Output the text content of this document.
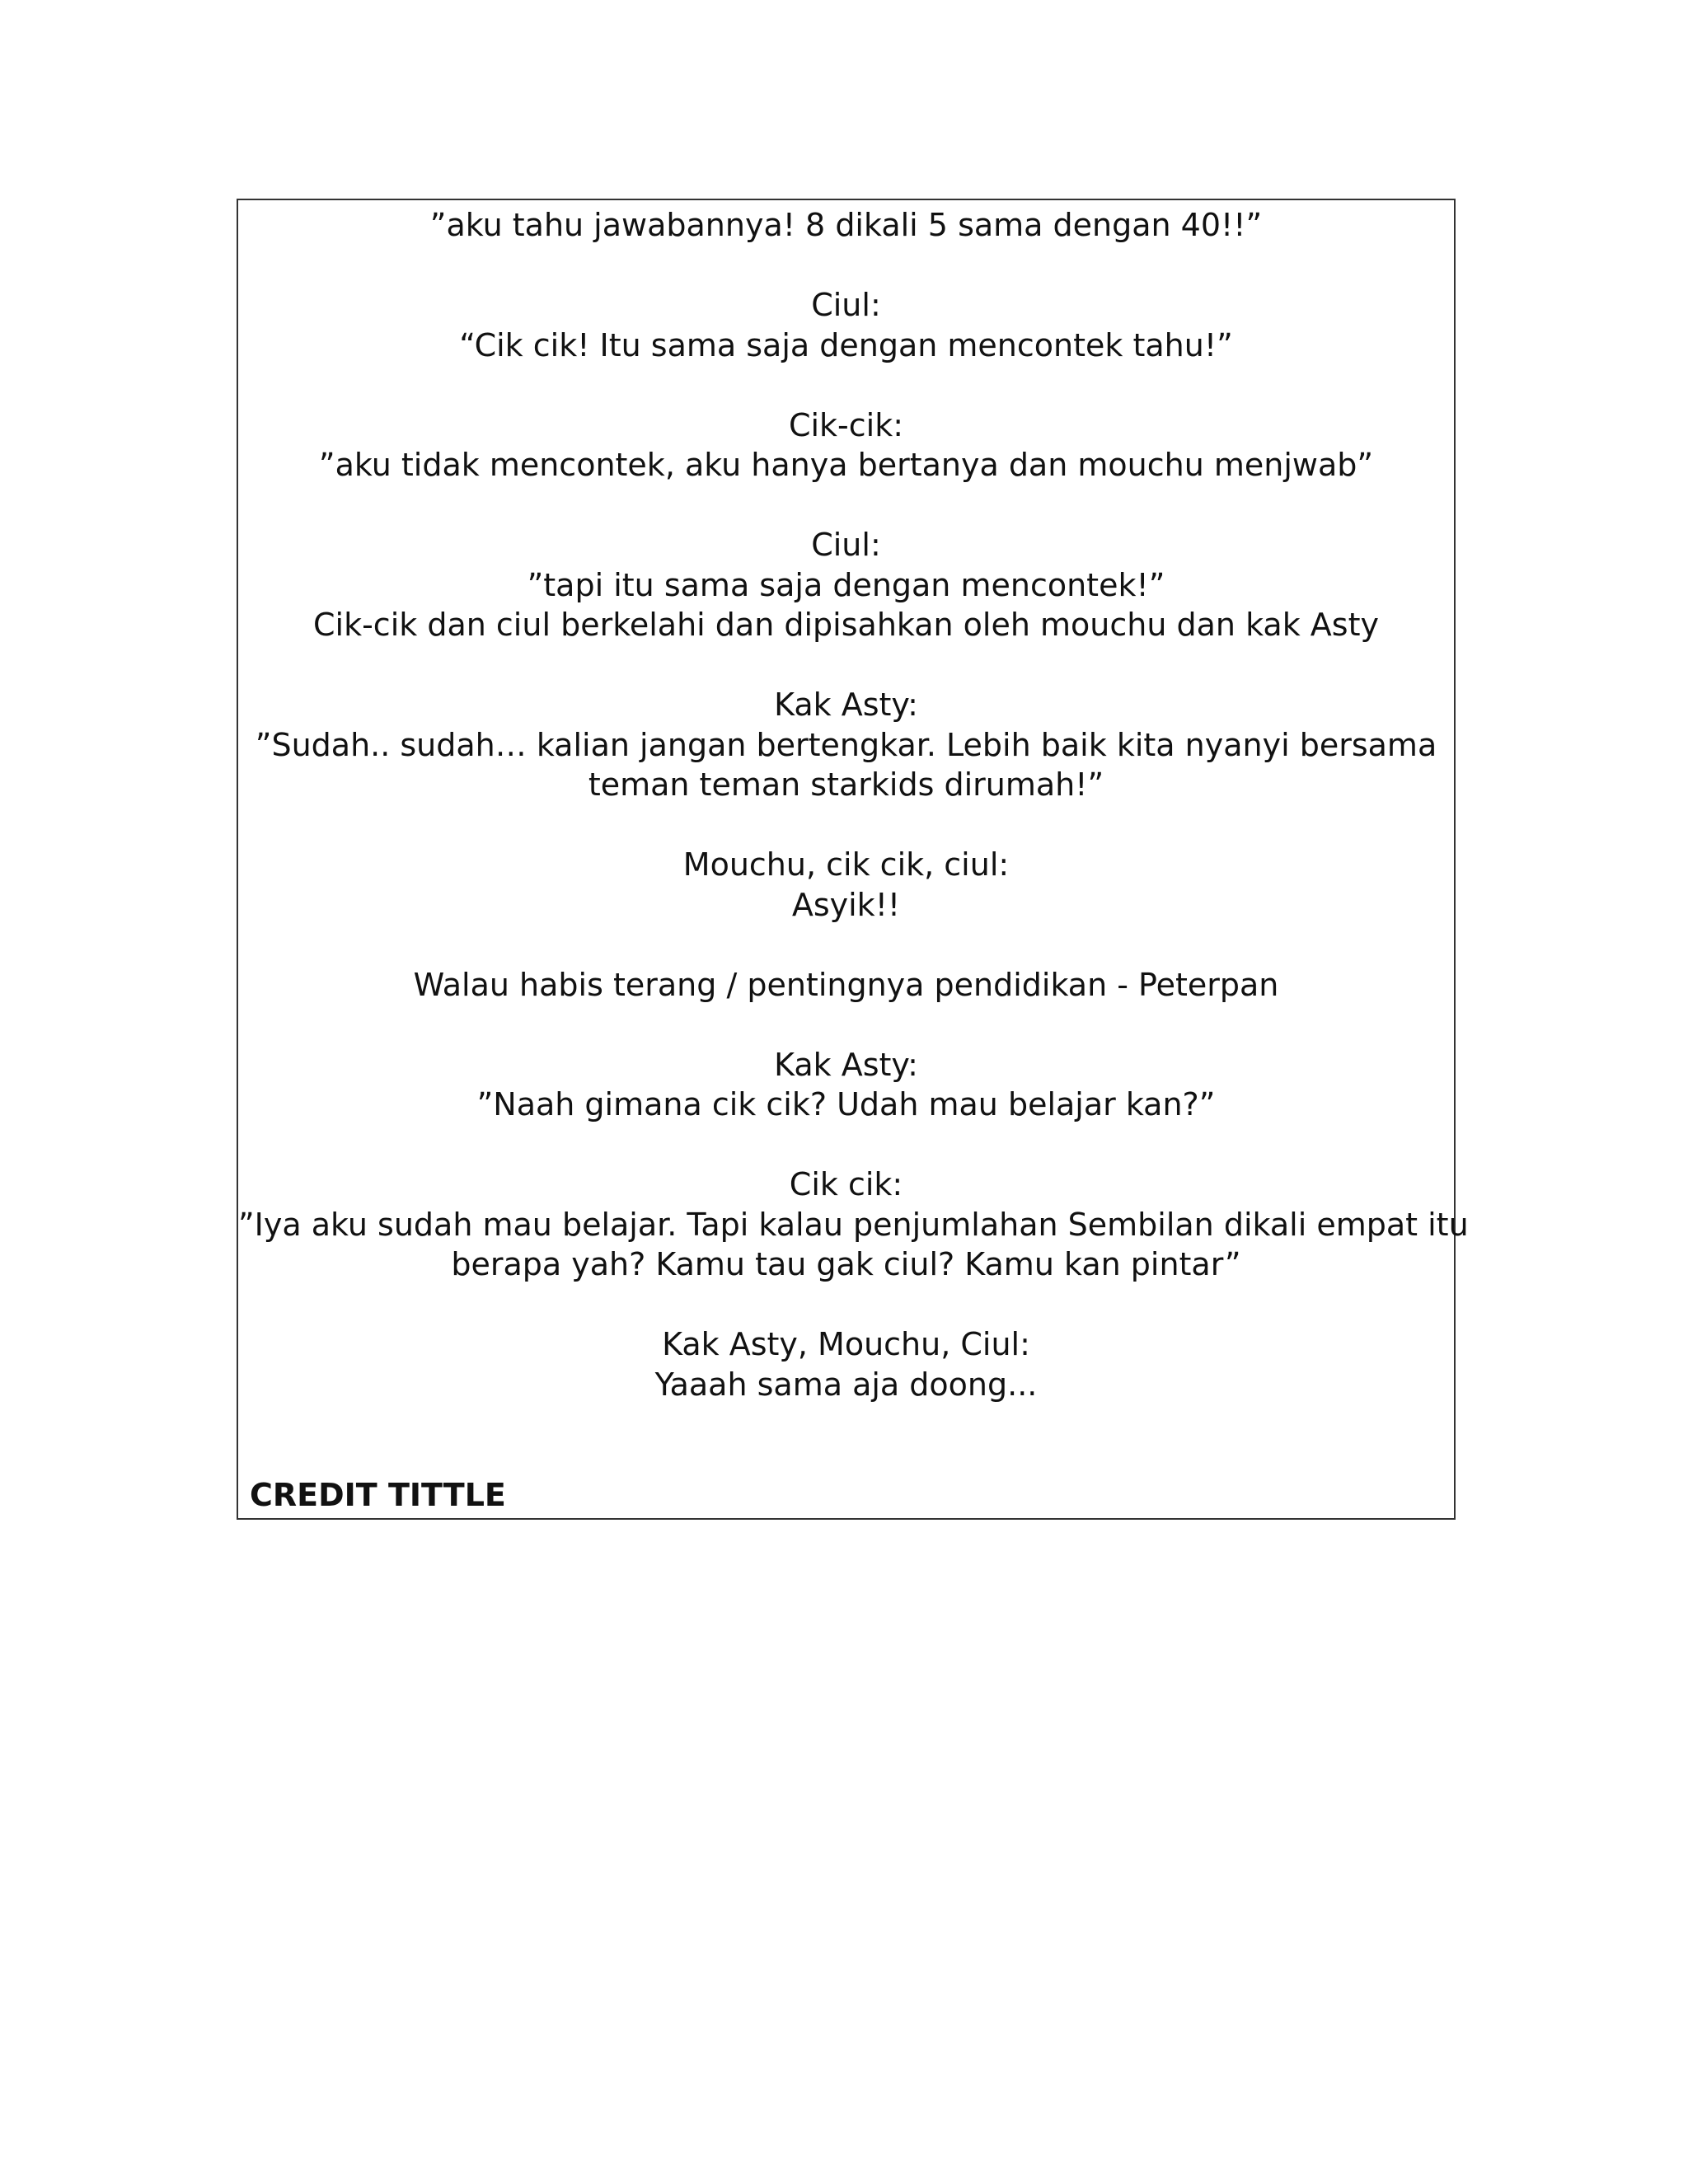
”aku tahu jawabannya! 8 dikali 5 sama dengan 40!!”
Ciul:
“Cik cik! Itu sama saja dengan mencontek tahu!”
Cik-cik:
”aku tidak mencontek, aku hanya bertanya dan mouchu menjwab”
Ciul:
”tapi itu sama saja dengan mencontek!”
Cik-cik dan ciul berkelahi dan dipisahkan oleh mouchu dan kak Asty
Kak Asty:
”Sudah.. sudah… kalian jangan bertengkar. Lebih baik kita nyanyi bersama
teman teman starkids dirumah!”
Mouchu, cik cik, ciul:
Asyik!!
Walau habis terang / pentingnya pendidikan - Peterpan
Kak Asty:
”Naah gimana cik cik? Udah mau belajar kan?”
Cik cik:
”Iya aku sudah mau belajar. Tapi kalau penjumlahan Sembilan dikali empat itu
berapa yah? Kamu tau gak ciul? Kamu kan pintar”
Kak Asty, Mouchu, Ciul:
Yaaah sama aja doong...
CREDIT TITTLE
